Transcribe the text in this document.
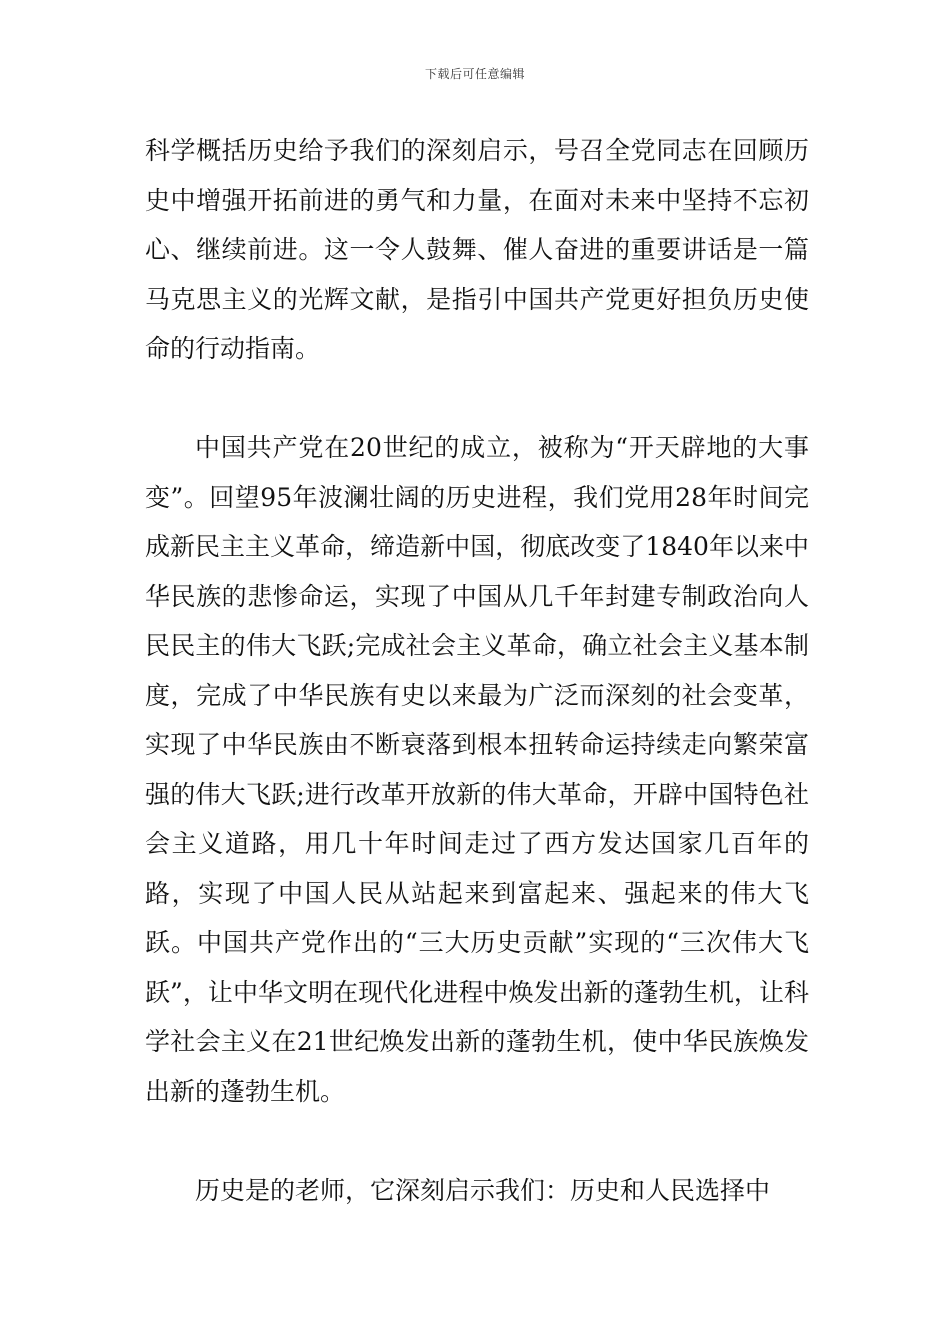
下载后可任意编辑

科学概括历史给予我们的深刻启示，号召全党同志在回顾历史中增强开拓前进的勇气和力量，在面对未来中坚持不忘初心、继续前进。这一令人鼓舞、催人奋进的重要讲话是一篇马克思主义的光辉文献，是指引中国共产党更好担负历史使命的行动指南。

中国共产党在20世纪的成立，被称为“开天辟地的大事变”。回望95年波澜壮阔的历史进程，我们党用28年时间完成新民主主义革命，缔造新中国，彻底改变了1840年以来中华民族的悲惨命运，实现了中国从几千年封建专制政治向人民民主的伟大飞跃;完成社会主义革命，确立社会主义基本制度，完成了中华民族有史以来最为广泛而深刻的社会变革，实现了中华民族由不断衰落到根本扭转命运持续走向繁荣富强的伟大飞跃;进行改革开放新的伟大革命，开辟中国特色社会主义道路，用几十年时间走过了西方发达国家几百年的路，实现了中国人民从站起来到富起来、强起来的伟大飞跃。中国共产党作出的“三大历史贡献”实现的“三次伟大飞跃”，让中华文明在现代化进程中焕发出新的蓬勃生机，让科学社会主义在21世纪焕发出新的蓬勃生机，使中华民族焕发出新的蓬勃生机。

历史是的老师，它深刻启示我们：历史和人民选择中
